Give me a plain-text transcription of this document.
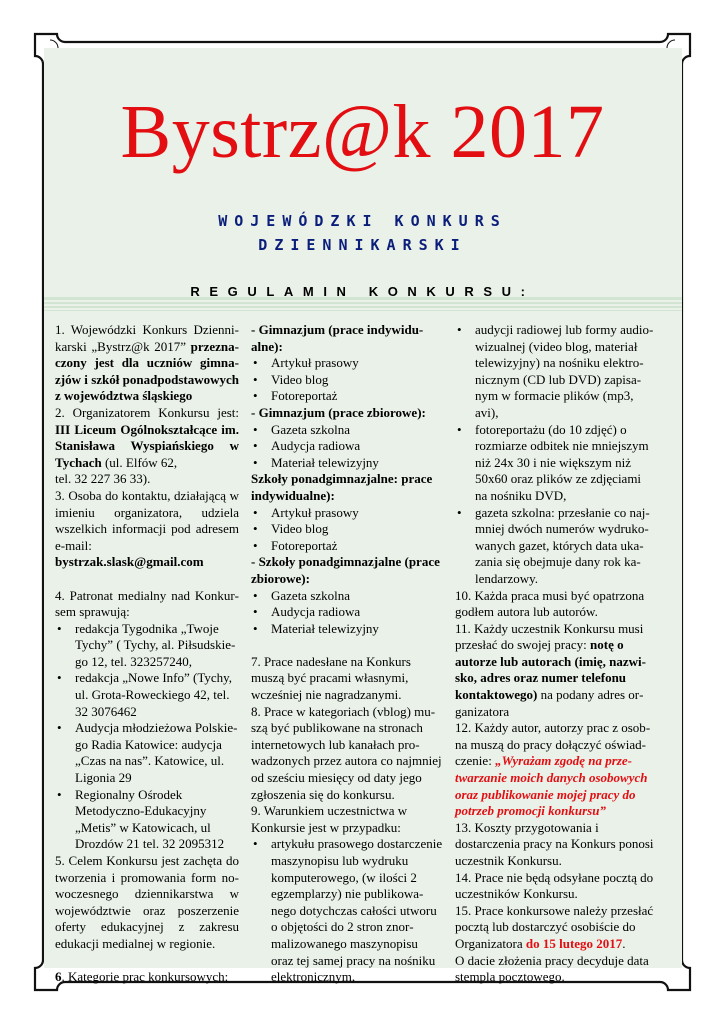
Bystrz@k 2017
WOJEWÓDZKI KONKURS
DZIENNIKARSKI
REGULAMIN KONKURSU:

1. Wojewódzki Konkurs Dziennikarski „Bystrz@k 2017” przeznaczony jest dla uczniów gimnazjów i szkół ponadpodstawowych z województwa śląskiego

2. Organizatorem Konkursu jest: III Liceum Ogólnokształcące im. Stanisława Wyspiańskiego w Tychach (ul. Elfów 62,
tel. 32 227 36 33).

3. Osoba do kontaktu, działającą w imieniu organizatora, udziela wszelkich informacji pod adresem e-mail:
bystrzak.slask@gmail.com

4. Patronat medialny nad Konkursem sprawują:

• redakcja Tygodnika „Twoje Tychy” ( Tychy, al. Piłsudskiego 12, tel. 323257240,
• redakcja „Nowe Info” (Tychy, ul. Grota-Roweckiego 42, tel. 32 3076462
• Audycja młodzieżowa Polskiego Radia Katowice: audycja „Czas na nas”. Katowice, ul. Ligonia 29
• Regionalny Ośrodek Metodyczno-Edukacyjny „Metis” w Katowicach, ul Drozdów 21 tel. 32 2095312

5. Celem Konkursu jest zachęta do tworzenia i promowania form nowoczesnego dziennikarstwa w województwie oraz poszerzenie oferty edukacyjnej z zakresu edukacji medialnej w regionie.

6. Kategorie prac konkursowych:

- Gimnazjum (prace indywidualne):

• Artykuł prasowy
• Video blog
• Fotoreportaż

- Gimnazjum (prace zbiorowe):

• Gazeta szkolna
• Audycja radiowa
• Materiał telewizyjny

Szkoły ponadgimnazjalne: prace indywidualne):

• Artykuł prasowy
• Video blog
• Fotoreportaż

- Szkoły ponadgimnazjalne (prace zbiorowe):

• Gazeta szkolna
• Audycja radiowa
• Materiał telewizyjny

7. Prace nadesłane na Konkurs muszą być pracami własnymi, wcześniej nie nagradzanymi.

8. Prace w kategoriach (vblog) muszą być publikowane na stronach internetowych lub kanałach prowadzonych przez autora co najmniej od sześciu miesięcy od daty jego zgłoszenia się do konkursu.

9. Warunkiem uczestnictwa w Konkursie jest w przypadku:

• artykułu prasowego dostarczenie maszynopisu lub wydruku komputerowego, (w ilości 2 egzemplarzy) nie publikowanego dotychczas całości utworu o objętości do 2 stron znormalizowanego maszynopisu oraz tej samej pracy na nośniku elektronicznym,
• audycji radiowej lub formy audiowizualnej (video blog, materiał telewizyjny) na nośniku elektronicznym (CD lub DVD) zapisanym w formacie plików (mp3, avi),
• fotoreportażu (do 10 zdjęć) o rozmiarze odbitek nie mniejszym niż 24x 30 i nie większym niż 50x60 oraz plików ze zdjęciami na nośniku DVD,
• gazeta szkolna: przesłanie co najmniej dwóch numerów wydrukowanych gazet, których data ukazania się obejmuje dany rok kalendarzowy.

10. Każda praca musi być opatrzona godłem autora lub autorów.

11. Każdy uczestnik Konkursu musi przesłać do swojej pracy: notę o autorze lub autorach (imię, nazwisko, adres oraz numer telefonu kontaktowego) na podany adres organizatora

12. Każdy autor, autorzy prac z osobna muszą do pracy dołączyć oświadczenie: „Wyrażam zgodę na przetwarzanie moich danych osobowych oraz publikowanie mojej pracy do potrzeb promocji konkursu”

13. Koszty przygotowania i dostarczenia pracy na Konkurs ponosi uczestnik Konkursu.

14. Prace nie będą odsyłane pocztą do uczestników Konkursu.

15. Prace konkursowe należy przesłać pocztą lub dostarczyć osobiście do Organizatora do 15 lutego 2017.

O dacie złożenia pracy decyduje data stempla pocztowego.
